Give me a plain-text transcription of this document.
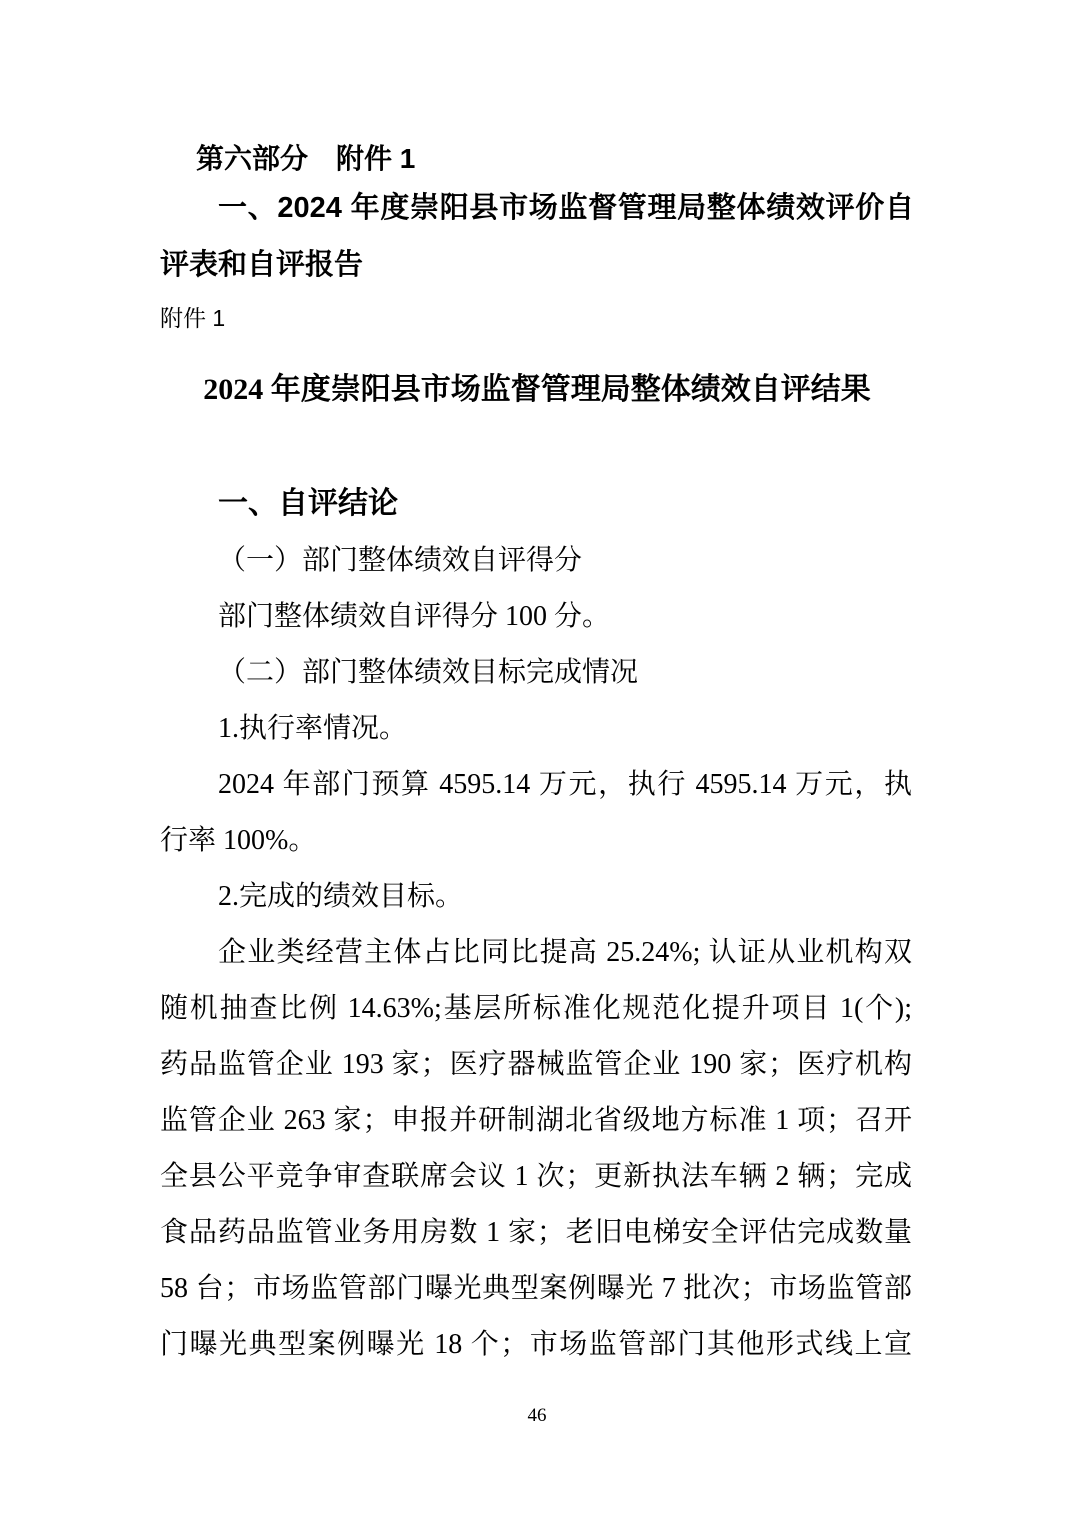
第六部分　附件 1
一、2024 年度崇阳县市场监督管理局整体绩效评价自
评表和自评报告
附件 1
2024 年度崇阳县市场监督管理局整体绩效自评结果
一、自评结论
（一）部门整体绩效自评得分
部门整体绩效自评得分 100 分。
（二）部门整体绩效目标完成情况
1.执行率情况。
2024 年部门预算 4595.14 万元，执行 4595.14 万元，执
行率 100%。
2.完成的绩效目标。
企业类经营主体占比同比提高 25.24%; 认证从业机构双
随机抽查比例 14.63%;基层所标准化规范化提升项目 1(个);
药品监管企业 193 家；医疗器械监管企业 190 家；医疗机构
监管企业 263 家；申报并研制湖北省级地方标准 1 项；召开
全县公平竞争审查联席会议 1 次；更新执法车辆 2 辆；完成
食品药品监管业务用房数 1 家；老旧电梯安全评估完成数量
58 台；市场监管部门曝光典型案例曝光 7 批次；市场监管部
门曝光典型案例曝光 18 个；市场监管部门其他形式线上宣
46
